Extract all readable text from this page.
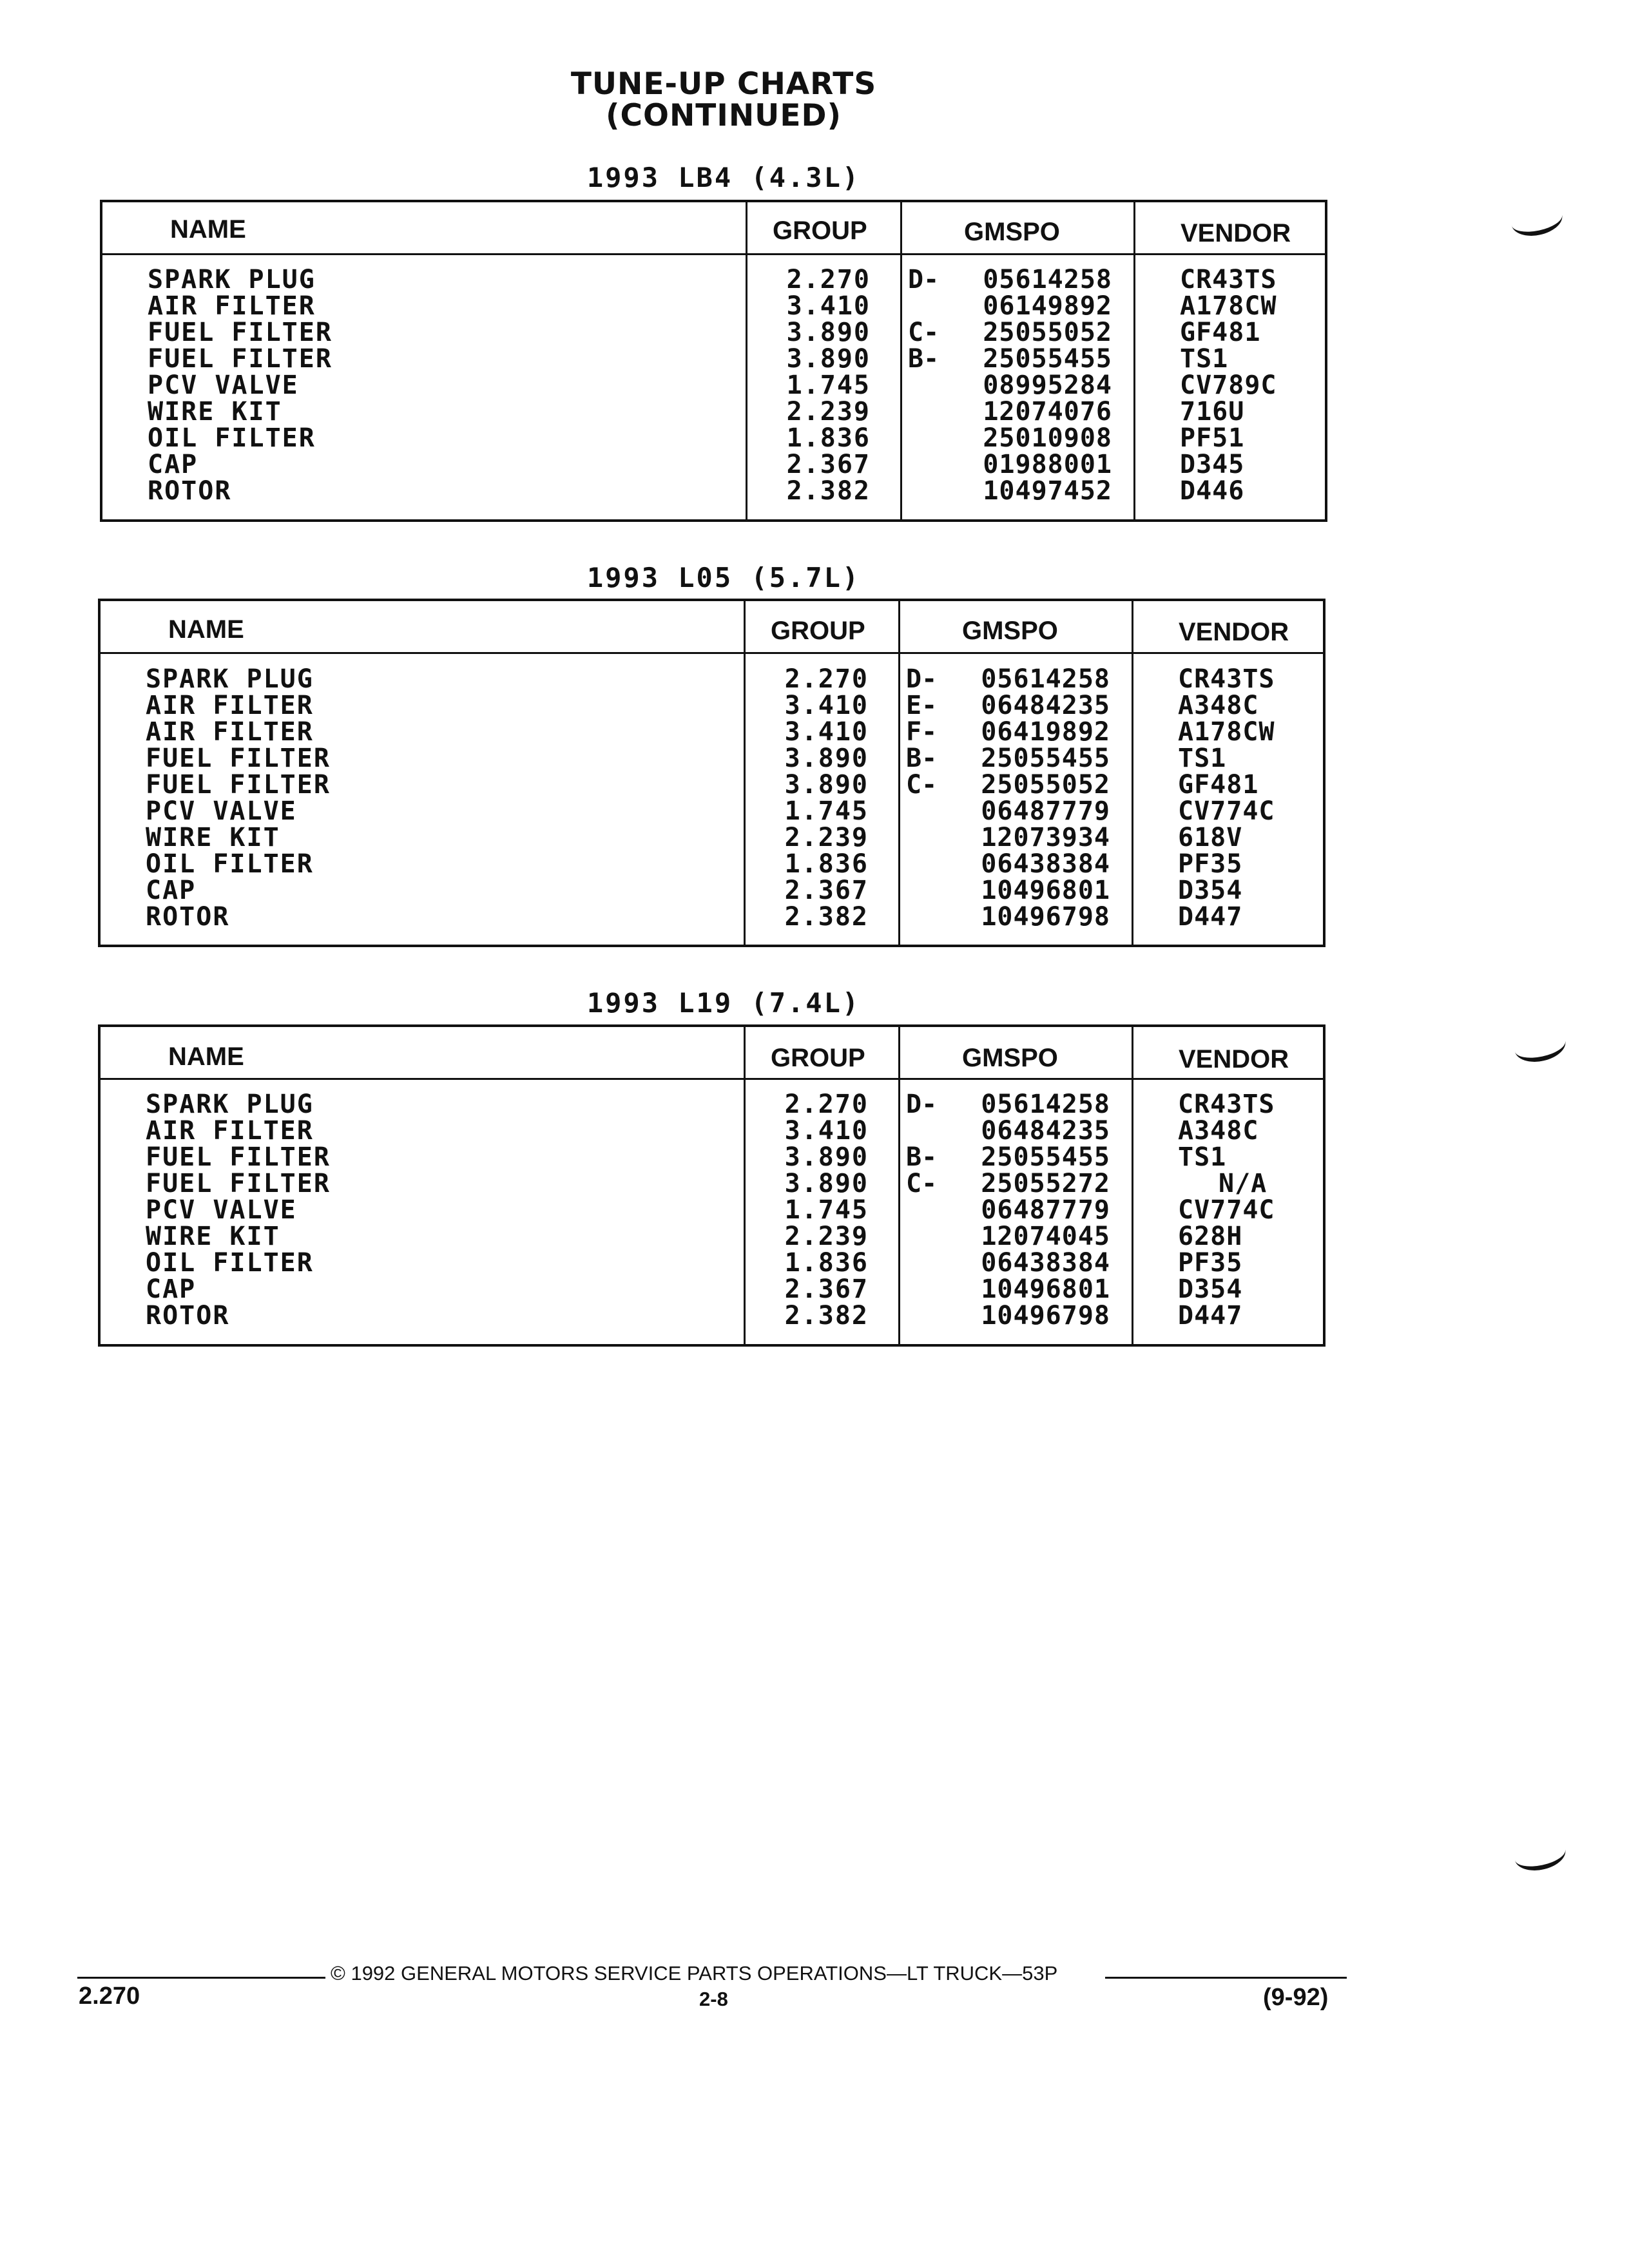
TUNE-UP CHARTS
(CONTINUED)
1993 LB4 (4.3L)
NAME	GROUP	GMSPO	VENDOR
SPARK PLUG	2.270 D- 05614258	CR43TS
AIR FILTER	3.410	06149892	A178CW
FUEL FILTER	3.890 C- 25055052	GF481
FUEL FILTER	3.890 B- 25055455	TS1
PCV VALVE	1.745	08995284	CV789C
WIRE KIT	2.239	12074076	716U
OIL FILTER	1.836	25010908	PF51
CAP	2.367	01988001	D345
ROTOR	2.382	10497452	D446
1993 L05 (5.7L)
NAME	GROUP	GMSPO	VENDOR
SPARK PLUG	2.270 D- 05614258	CR43TS
AIR FILTER	3.410 E- 06484235	A348C
AIR FILTER	3.410 F- 06419892	A178CW
FUEL FILTER	3.890 B- 25055455	TS1
FUEL FILTER	3.890 C- 25055052	GF481
PCV VALVE	1.745	06487779	CV774C
WIRE KIT	2.239	12073934	618V
OIL FILTER	1.836	06438384	PF35
CAP	2.367	10496801	D354
ROTOR	2.382	10496798	D447
1993 L19 (7.4L)
NAME	GROUP	GMSPO	VENDOR
SPARK PLUG	2.270 D- 05614258	CR43TS
AIR FILTER	3.410	06484235	A348C
FUEL FILTER	3.890 B- 25055455	TS1
FUEL FILTER	3.890 C- 25055272	N/A
PCV VALVE	1.745	06487779	CV774C
WIRE KIT	2.239	12074045	628H
OIL FILTER	1.836	06438384	PF35
CAP	2.367	10496801	D354
ROTOR	2.382	10496798	D447
© 1992 GENERAL MOTORS SERVICE PARTS OPERATIONS—LT TRUCK—53P
2.270	2-8	(9-92)
